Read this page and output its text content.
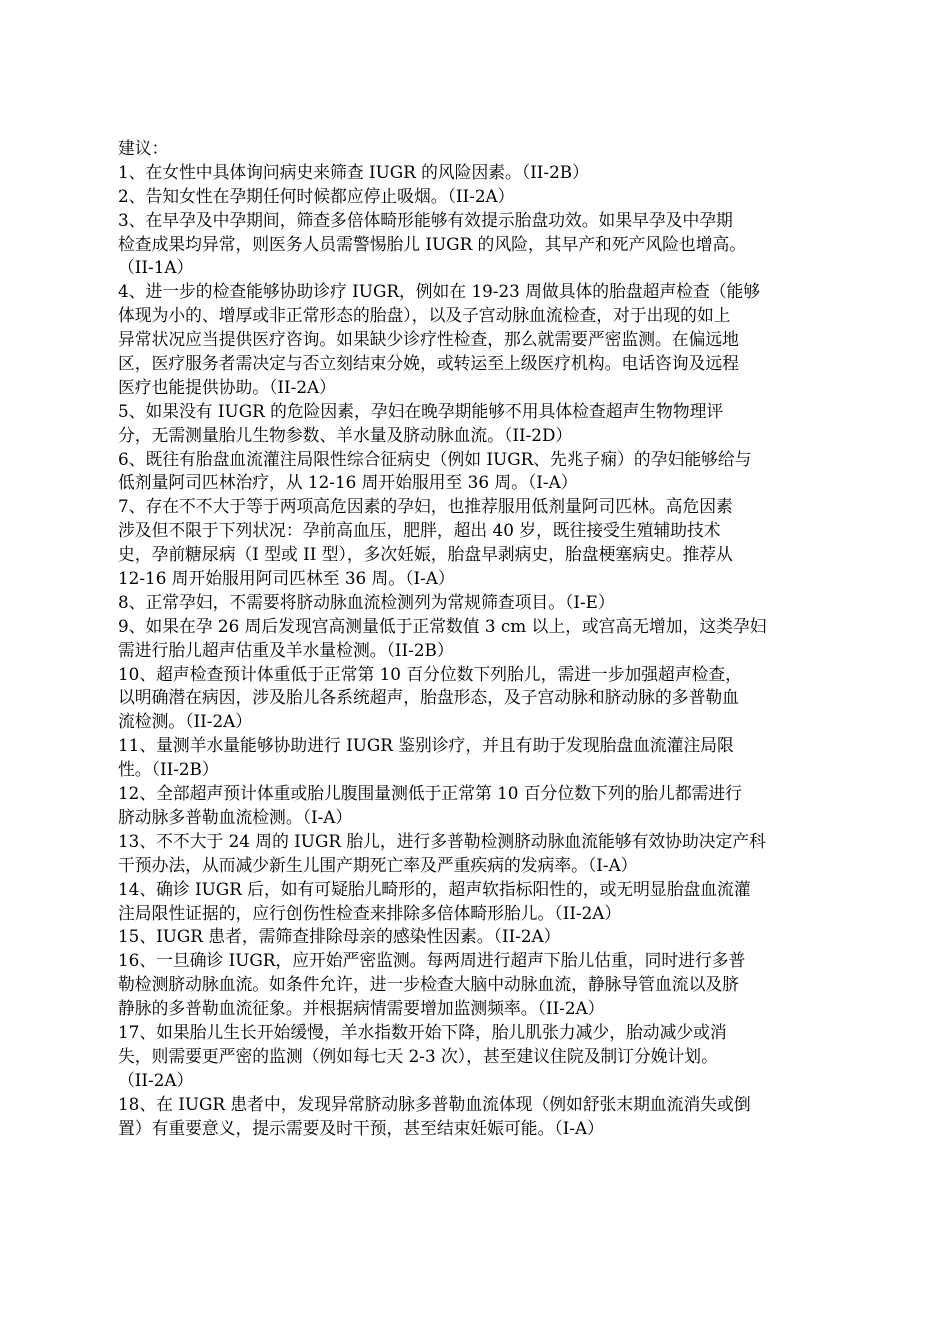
建议：
1、在女性中具体询问病史来筛查 IUGR 的风险因素。（II-2B）
2、告知女性在孕期任何时候都应停止吸烟。（II-2A）
3、在早孕及中孕期间，筛查多倍体畸形能够有效提示胎盘功效。如果早孕及中孕期
检查成果均异常，则医务人员需警惕胎儿 IUGR 的风险，其早产和死产风险也增高。
（II-1A）
4、进一步的检查能够协助诊疗 IUGR，例如在 19-23 周做具体的胎盘超声检查（能够
体现为小的、增厚或非正常形态的胎盘），以及子宫动脉血流检查，对于出现的如上
异常状况应当提供医疗咨询。如果缺少诊疗性检查，那么就需要严密监测。在偏远地
区，医疗服务者需决定与否立刻结束分娩，或转运至上级医疗机构。电话咨询及远程
医疗也能提供协助。（II-2A）
5、如果没有 IUGR 的危险因素，孕妇在晚孕期能够不用具体检查超声生物物理评
分，无需测量胎儿生物参数、羊水量及脐动脉血流。（II-2D）
6、既往有胎盘血流灌注局限性综合征病史（例如 IUGR、先兆子痫）的孕妇能够给与
低剂量阿司匹林治疗，从 12-16 周开始服用至 36 周。（I-A）
7、存在不不大于等于两项高危因素的孕妇，也推荐服用低剂量阿司匹林。高危因素
涉及但不限于下列状况：孕前高血压，肥胖，超出 40 岁，既往接受生殖辅助技术
史，孕前糖尿病（I 型或 II 型），多次妊娠，胎盘早剥病史，胎盘梗塞病史。推荐从
12-16 周开始服用阿司匹林至 36 周。（I-A）
8、正常孕妇，不需要将脐动脉血流检测列为常规筛查项目。（I-E）
9、如果在孕 26 周后发现宫高测量低于正常数值 3 cm 以上，或宫高无增加，这类孕妇
需进行胎儿超声估重及羊水量检测。（II-2B）
10、超声检查预计体重低于正常第 10 百分位数下列胎儿，需进一步加强超声检查，
以明确潜在病因，涉及胎儿各系统超声，胎盘形态，及子宫动脉和脐动脉的多普勒血
流检测。（II-2A）
11、量测羊水量能够协助进行 IUGR 鉴别诊疗，并且有助于发现胎盘血流灌注局限
性。（II-2B）
12、全部超声预计体重或胎儿腹围量测低于正常第 10 百分位数下列的胎儿都需进行
脐动脉多普勒血流检测。（I-A）
13、不不大于 24 周的 IUGR 胎儿，进行多普勒检测脐动脉血流能够有效协助决定产科
干预办法，从而减少新生儿围产期死亡率及严重疾病的发病率。（I-A）
14、确诊 IUGR 后，如有可疑胎儿畸形的，超声软指标阳性的，或无明显胎盘血流灌
注局限性证据的，应行创伤性检查来排除多倍体畸形胎儿。（II-2A）
15、IUGR 患者，需筛查排除母亲的感染性因素。（II-2A）
16、一旦确诊 IUGR，应开始严密监测。每两周进行超声下胎儿估重，同时进行多普
勒检测脐动脉血流。如条件允许，进一步检查大脑中动脉血流，静脉导管血流以及脐
静脉的多普勒血流征象。并根据病情需要增加监测频率。（II-2A）
17、如果胎儿生长开始缓慢，羊水指数开始下降，胎儿肌张力减少，胎动减少或消
失，则需要更严密的监测（例如每七天 2-3 次），甚至建议住院及制订分娩计划。
（II-2A）
18、在 IUGR 患者中，发现异常脐动脉多普勒血流体现（例如舒张末期血流消失或倒
置）有重要意义，提示需要及时干预，甚至结束妊娠可能。（I-A）
